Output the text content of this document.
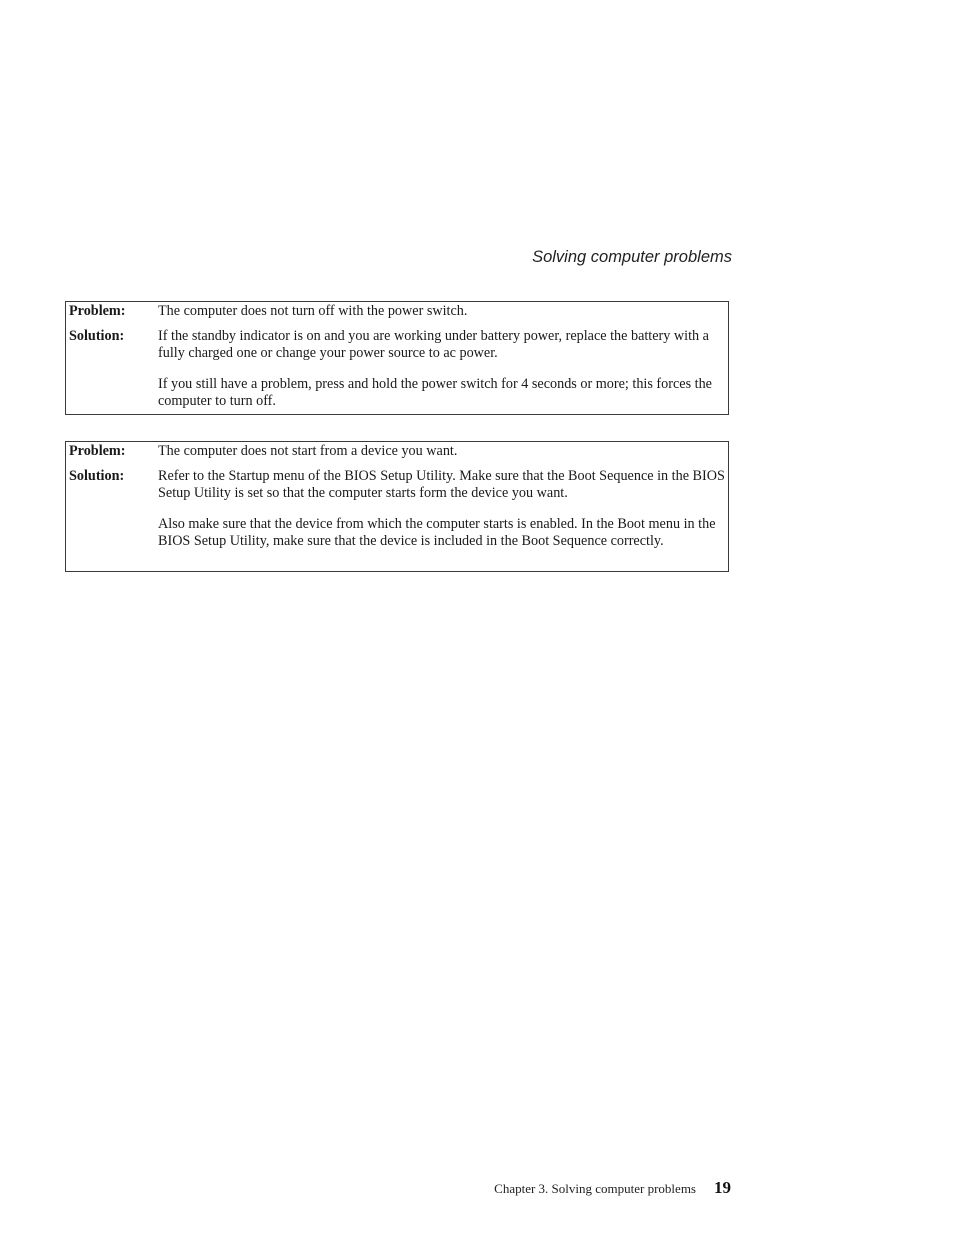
Solving computer problems
Problem:	The computer does not turn off with the power switch.

Solution:	If the standby indicator is on and you are working under battery power, replace the battery with a fully charged one or change your power source to ac power.

If you still have a problem, press and hold the power switch for 4 seconds or more; this forces the computer to turn off.

Problem:	The computer does not start from a device you want.

Solution:	Refer to the Startup menu of the BIOS Setup Utility. Make sure that the Boot Sequence in the BIOS Setup Utility is set so that the computer starts form the device you want.

Also make sure that the device from which the computer starts is enabled. In the Boot menu in the BIOS Setup Utility, make sure that the device is included in the Boot Sequence correctly.

Chapter 3. Solving computer problems 19
